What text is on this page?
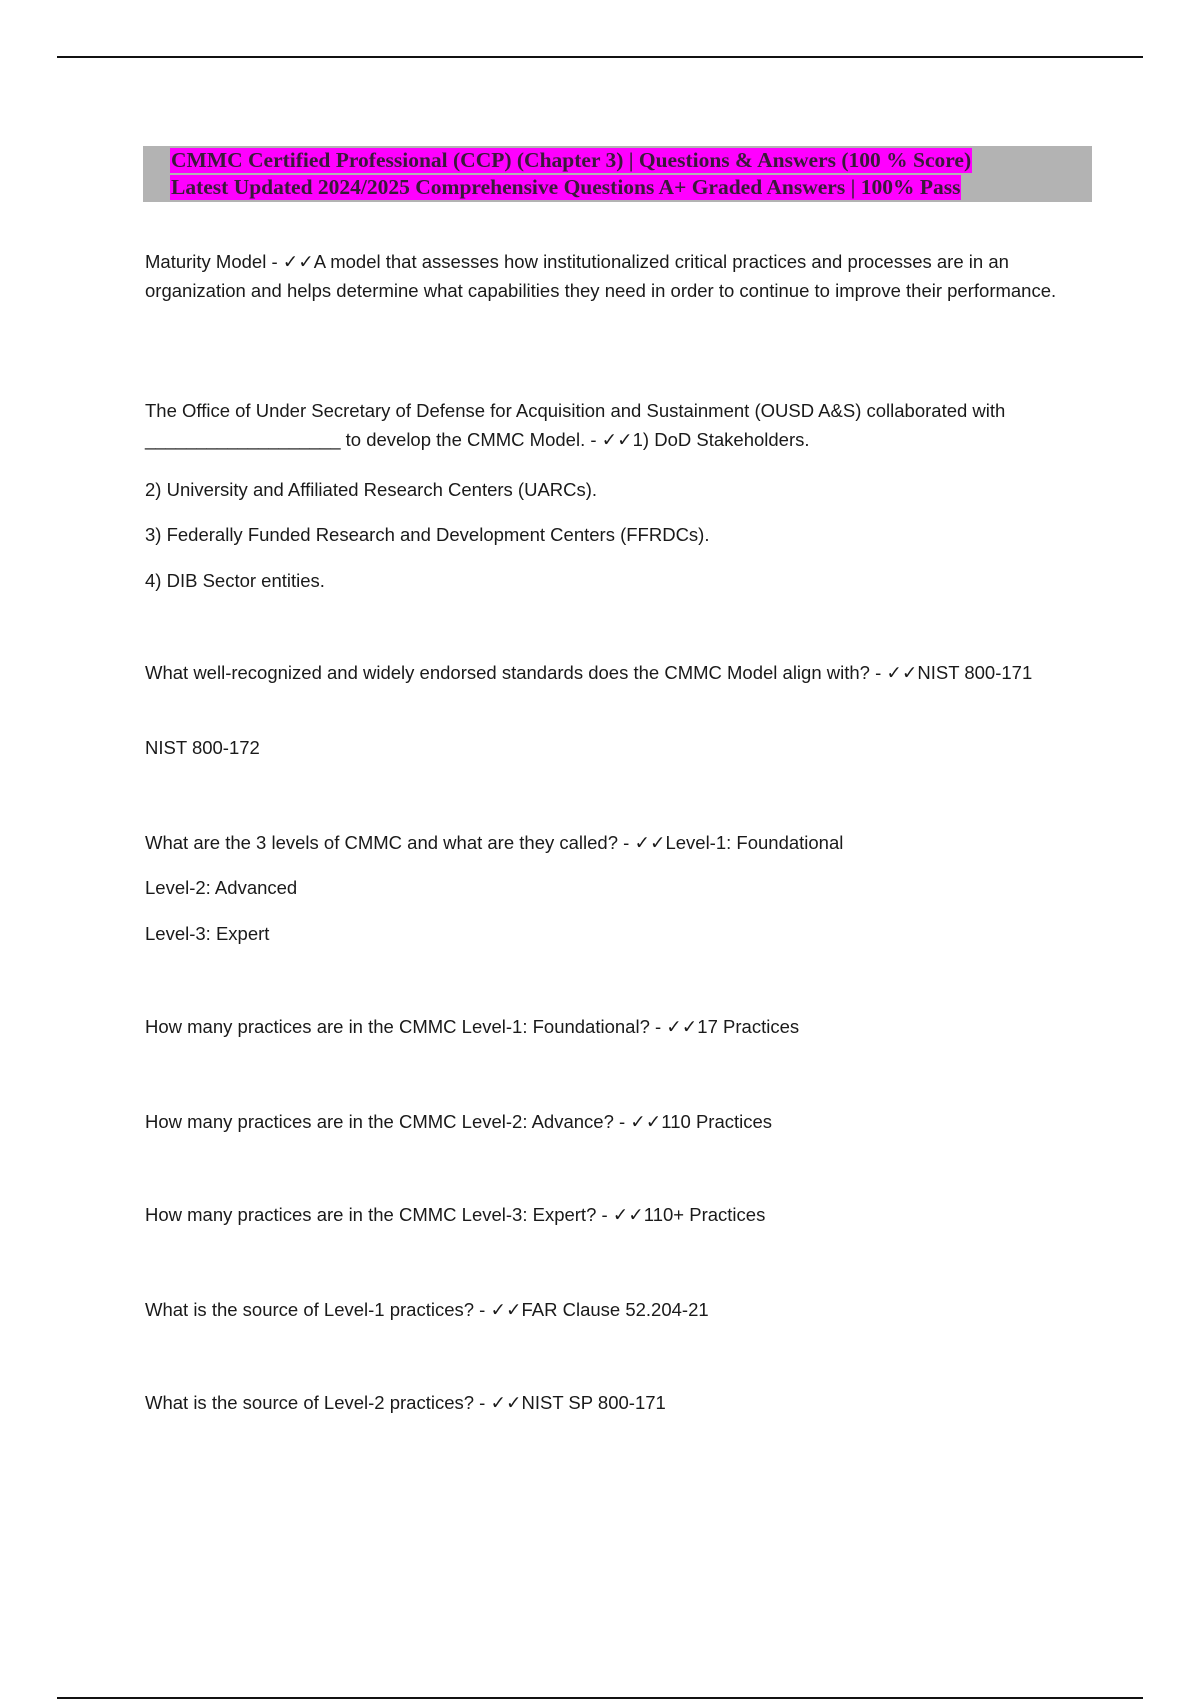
CMMC Certified Professional (CCP) (Chapter 3) | Questions & Answers (100 % Score)
Latest Updated 2024/2025 Comprehensive Questions A+ Graded Answers | 100% Pass

Maturity Model - ✓✓A model that assesses how institutionalized critical practices and processes are in an organization and helps determine what capabilities they need in order to continue to improve their performance.

The Office of Under Secretary of Defense for Acquisition and Sustainment (OUSD A&S) collaborated with ___________________ to develop the CMMC Model. - ✓✓1) DoD Stakeholders.

2) University and Affiliated Research Centers (UARCs).

3) Federally Funded Research and Development Centers (FFRDCs).

4) DIB Sector entities.

What well-recognized and widely endorsed standards does the CMMC Model align with? - ✓✓NIST 800-171

NIST 800-172

What are the 3 levels of CMMC and what are they called? - ✓✓Level-1: Foundational

Level-2: Advanced

Level-3: Expert

How many practices are in the CMMC Level-1: Foundational? - ✓✓17 Practices

How many practices are in the CMMC Level-2: Advance? - ✓✓110 Practices

How many practices are in the CMMC Level-3: Expert? - ✓✓110+ Practices

What is the source of Level-1 practices? - ✓✓FAR Clause 52.204-21

What is the source of Level-2 practices? - ✓✓NIST SP 800-171
